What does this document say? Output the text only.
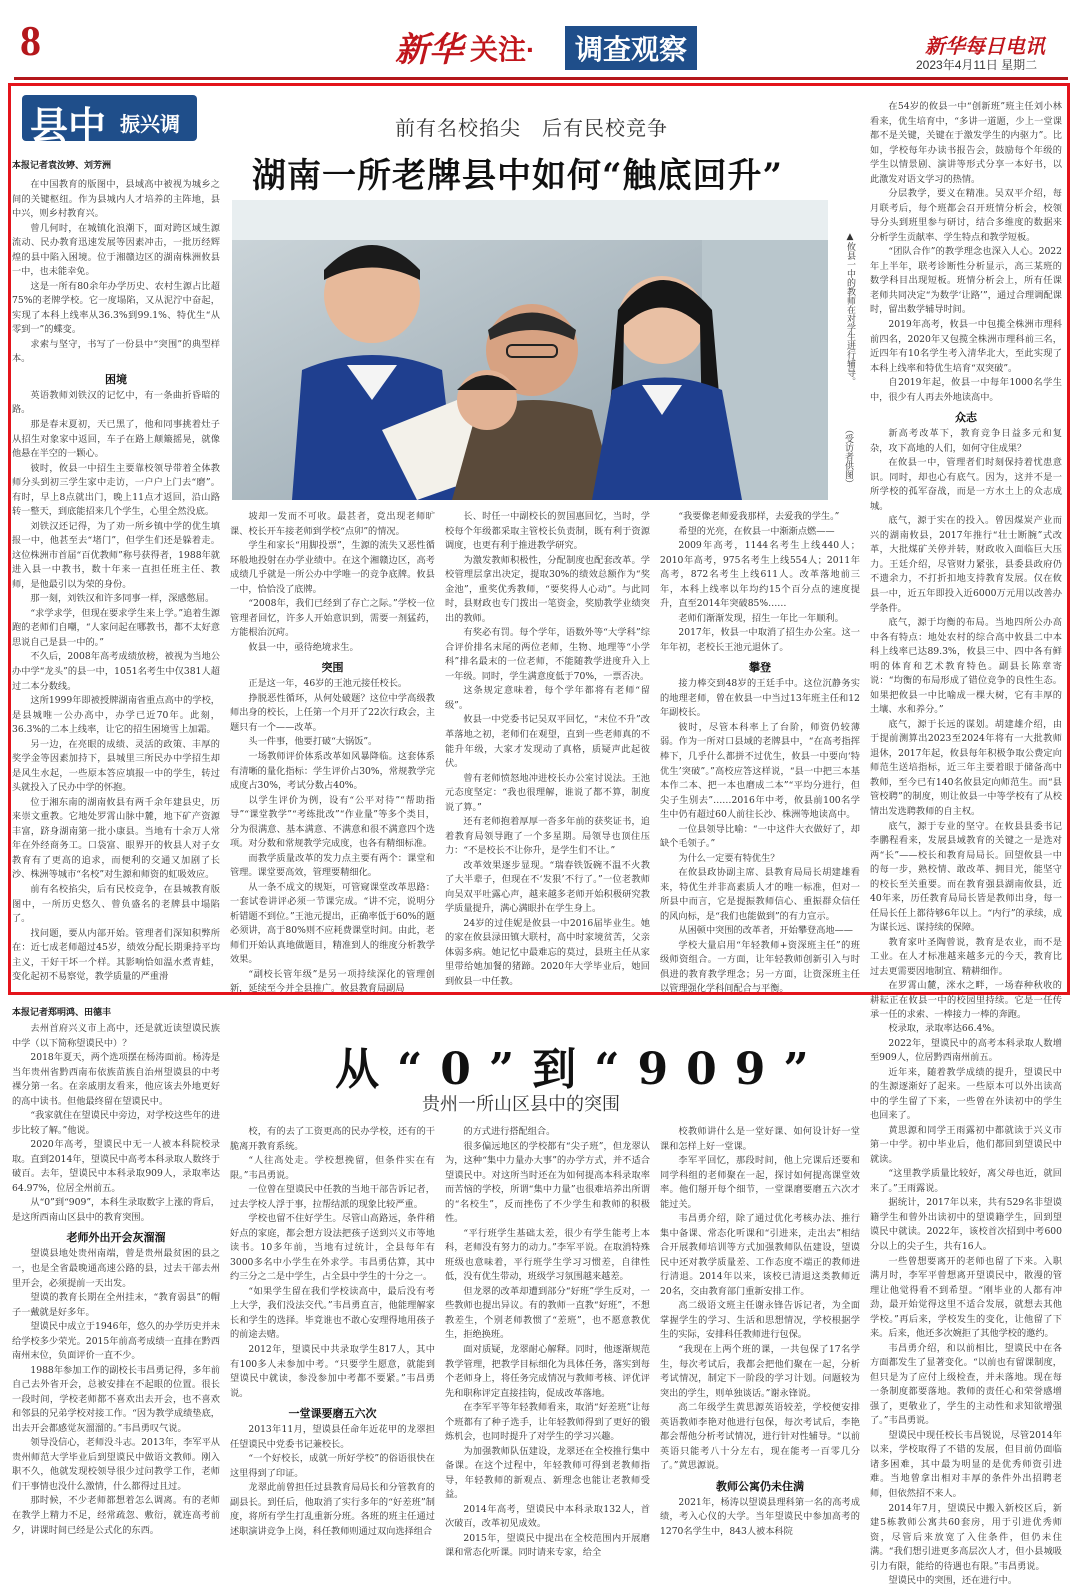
8	新华 关注·	调查观察	新华每日电讯
2023年4月11日 星期二
县中 振兴调查
前有名校掐尖　后有民校竞争
湖南一所老牌县中如何“触底回升”
▲攸县一中的教师在对学生进行辅导。
（受访者供图）
本报记者袁汝婷、刘芳洲

在中国教育的版图中，县域高中被视为城乡之间的关键枢纽。作为县城内人才培养的主阵地，县中兴，则乡村教育兴。

曾几何时，在城镇化浪潮下，面对跨区域生源流动、民办教育迅速发展等因素冲击，一批历经辉煌的县中陷入困境。位于湘赣边区的湖南株洲攸县一中，也未能幸免。

这是一所有80余年办学历史、农村生源占比超75%的老牌学校。它一度塌陷，又从泥泞中奋起，实现了本科上线率从36.3%到99.1%、特优生“从零到一”的蝶变。

求索与坚守，书写了一份县中“突围”的典型样本。

困境

英语教师刘铁汉的记忆中，有一条曲折昏暗的路。

那是春末夏初，天已黑了，他和同事挑着灶子从招生对象家中返回，车子在路上颠簸摇晃，就像他悬在半空的一颗心。

彼时，攸县一中招生主要靠校领导带着全体教师分头到初三学生家中走访，一户户上门去“磨”。有时，早上8点就出门，晚上11点才返回，沿山路转一整天，到底能招来几个学生，心里全然没底。

刘铁汉还记得，为了劝一所乡镇中学的优生填报一中，他甚至去“堵门”，但学生们还是躲着走。这位株洲市首届“百优教师”称号获得者，1988年就进入县一中教书，数十年来一直担任班主任、教师，是他最引以为荣的身份。

那一刻，刘铁汉和许多同事一样，深感憋屈。

“求学求学，但现在要求学生来上学。”追着生源跑的老师们自嘲，“人家问起在哪教书，都不太好意思说自己是县一中的。”

不久后，2008年高考成绩放榜，被视为当地公办中学“龙头”的县一中，1051名考生中仅381人超过二本分数线。

这所1999年即被授牌湖南省重点高中的学校，是县城唯一公办高中，办学已近70年。此刻，36.3%的二本上线率，让它的招生困境雪上加霜。

另一边，在亮眼的成绩、灵活的政策、丰厚的奖学金等因素加持下，县城里三所民办中学招生却是风生水起，一些原本答应填报一中的学生，转过头就投入了民办中学的怀抱。

位于湘东南的湖南攸县有两千余年建县史，历来崇文重教。它地处罗霄山脉中麓，地下矿产资源丰富，跻身湖南第一批小康县。当地有十余万人常年在外经商务工。口袋富、眼界开的攸县人对子女教育有了更高的追求，而便利的交通又加剧了长沙、株洲等城市“名校”对生源和师资的虹吸效应。

前有名校掐尖，后有民校竞争，在县城教育版图中，一所历史悠久、曾负盛名的老牌县中塌陷了。

找问题，要从内部开始。管理者们深知积弊所在：近七成老师超过45岁，绩效分配长期秉持平均主义，干好干坏一个样。其影响恰如温水煮青蛙，变化起初不易察觉，教学质量的严重滑

坡却一发而不可收。最甚者，竟出现老师旷课、校长开车接老师到学校“点卯”的情况。

学生和家长“用脚投票”，生源的流失又恶性循环般地投射在办学业绩中。在这个湘赣边区，高考成绩几乎就是一所公办中学唯一的竞争底牌。攸县一中，恰恰没了底牌。

“2008年，我们已经到了存亡之际。”学校一位管理者回忆，许多人开始意识到，需要一剂猛药，方能根治沉疴。

攸县一中，亟待绝境求生。

突围

正是这一年，46岁的王池元接任校长。

挣脱恶性循环，从何处破题？这位中学高级教师出身的校长，上任第一个月开了22次行政会，主题只有一个——改革。

头一件事，他要打破“大锅饭”。

一场教师评价体系改革如风暴降临。这套体系有清晰的量化指标：学生评价占30%，常规教学完成度占30%，考试分数占40%。

以学生评价为例，设有“公平对待”“帮助指导”“课堂教学”“考练批改”“作业量”等多个类目，分为很满意、基本满意、不满意和很不满意四个选项。对分数和常规教学完成度，也各有精细标准。

而教学质量改革的发力点主要有两个：课堂和管理。课堂要高效，管理要精细化。

从一条不成文的规矩，可管窥课堂改革思路：一套试卷讲评必须一节课完成。“讲不完，说明分析错题不到位。”王池元提出，正确率低于60%的题必须讲，高于80%则不应耗费课堂时间。由此，老师们开始认真地做题目，精准到人的维度分析教学效果。

“副校长管年级”是另一项持续深化的管理创新，延续至今并全县推广。攸县教育局副局

长、时任一中副校长的贺国惠回忆，当时，学校每个年级都采取主管校长负责制，既有利于资源调度，也更有利于推进教学研究。

为激发教师积极性，分配制度也配套改革。学校管理层拿出决定，提取30%的绩效总额作为“奖金池”，重奖优秀教师，“要奖得人心动”。与此同时，县财政也专门拨出一笔资金，奖励教学业绩突出的教师。

有奖必有罚。每个学年，语数外等“大学科”综合评价排名末尾的两位老师，生物、地理等“小学科”排名最末的一位老师，不能随教学进度升入上一年级。同时，学生满意度低于70%，一票否决。

这条规定意味着，每个学年都将有老师“留级”。

攸县一中党委书记吴双平回忆，“末位不升”改革落地之初，老师们在观望，直到一些老师真的不能升年级，大家才发现动了真格，质疑声此起彼伏。

曾有老师愤怒地冲进校长办公室讨说法。王池元态度坚定：“我也很理解，谁说了都不算，制度说了算。”

还有老师抱着厚厚一沓多年前的获奖证书，追着教育局领导跑了一个多星期。局领导也顶住压力：“不是校长不让你升，是学生们不让。”

改革效果逐步显现。“瑞春铁饭碗不温不火教了大半辈子，但现在不‘发狠’不行了。”一位老教师向吴双平吐露心声，越来越多老师开始积极研究教学质量提升，满心满眼扑在学生身上。

24岁的过佳妮是攸县一中2016届毕业生。她的家在攸县渌田镇大联村，高中时家境贫苦，父亲体弱多病。她记忆中最难忘的莫过，县班主任从家里带给她加餐的猪蹄。2020年大学毕业后，她回到攸县一中任教。

“我要像老师爱我那样，去爱我的学生。”

希望的光亮，在攸县一中渐渐点燃——

2009年高考，1144名考生上线440人；2010年高考，975名考生上线554人；2011年高考，872名考生上线611人。改革落地前三年，本科上线率以年均约15个百分点的速度提升，直至2014年突破85%……

老师们渐渐发现，招生一年比一年顺利。

2017年，攸县一中取消了招生办公室。这一年年初，老校长王池元退休了。

攀登

接力棒交到48岁的王廷手中。这位沉静务实的地理老师，曾在攸县一中当过13年班主任和12年副校长。

彼时，尽管本科率上了台阶，师资仍较薄弱。作为一所对口县域的老牌县中，“在高考指挥棒下，几乎什么都拼不过优生，攸县一中要向‘特优生’突破”。”高校应答这样说，“县一中把三本基本作二本、把一本也磨成二本”“平均分进行，但尖子生别去”……2016年中考，攸县前100名学生中仍有超过60人前往长沙、株洲等地读高中。

一位县领导比喻：“一中这件大衣做好了，却缺个毛领子。”

为什么一定要有特优生？

在攸县政协副主席、县教育局局长胡建雄看来，特优生并非高素质人才的唯一标准，但对一所县中而言，它是提振教师信心、重振群众信任的风向标，是“我们也能做到”的有力宣示。

从困顿中突围的改革者，开始攀登高地——

学校大量启用“年轻教师+资深班主任”的班级师资组合。一方面，让年轻教师创新引入与时俱进的教育教学理念；另一方面，让资深班主任以管理强化学科间配合与平衡。

在54岁的攸县一中“创新班”班主任刘小林看来，优生培育中，“多讲一道题，少上一堂课都不是关键，关键在于激发学生的内驱力”。比如，学校每年办读书报告会，鼓励每个年级的学生以情景剧、演讲等形式分享一本好书，以此激发对语文学习的热情。

分层教学，要义在精准。吴双平介绍，每月联考后，每个班都会召开班情分析会，校领导分头到班里参与研讨，结合多维度的数据来分析学生贡献率、学生特点和教学短板。

“团队合作”的教学理念也深入人心。2022年上半年，联考诊断性分析显示，高三某班的数学科目出现短板。班情分析会上，所有任课老师共同决定“为数学‘让路’”，通过合理调配课时，留出数学辅导时间。

2019年高考，攸县一中包揽全株洲市理科前四名，2020年又包揽全株洲市理科前三名，近四年有10名学生考入清华北大，至此实现了本科上线率和特优生培育“双突破”。

自2019年起，攸县一中每年1000名学生中，很少有人再去外地读高中。

众志

新高考改革下，教育竞争日益多元和复杂，攻下高地的人们，如何守住成果？

在攸县一中，管理者们时刻保持着忧患意识。同时，却也心有底气。因为，这并不是一所学校的孤军奋战，而是一方水土上的众志成城。

底气，源于实在的投入。曾因煤炭产业而兴的湖南攸县，2017年推行“壮士断腕”式改革，大批煤矿关停并转，财政收入面临巨大压力。王廷介绍，尽管财力紧张，县委县政府仍不遗余力，不打折扣地支持教育发展。仅在攸县一中，近五年即投入近6000万元用以改善办学条件。

底气，源于均衡的布局。当地四所公办高中各有特点：地处农村的综合高中攸县二中本科上线率已达89.3%，攸县三中、四中各有鲜明的体育和艺术教育特色。副县长陈章寄说：“均衡的布局形成了错位竞争的良性生态。如果把攸县一中比喻成一棵大树，它有丰厚的土壤、水和养分。”

底气，源于长远的谋划。胡建雄介绍，由于提前测算出2023至2024年将有一大批教师退休，2017年起，攸县每年积极争取公费定向师范生送培指标，近三年主要着眼于储备高中教师，至今已有140名攸县定向师范生。而“县管校聘”的制度，则让攸县一中等学校有了从校情出发选聘教师的自主权。

底气，源于专业的坚守。在攸县县委书记李鹏程看来，发展县域教育的关键之一是选对两“长”——校长和教育局局长。回望攸县一中的每一步，熟校情、敢改革、拥目光，能坚守的校长至关重要。而在教育强县湖南攸县，近40年来，历任教育局局长皆是教师出身，每一任局长任上都待够6年以上。“内行”的承续，成为谋长远、谋持续的保障。

教育家叶圣陶曾说，教育是农业，而不是工业。在人才标准越来越多元的今天，教育比过去更需要因地制宜、精耕细作。

在罗霄山麓，洣水之畔，一场春种秋收的耕耘正在攸县一中的校园里持续。它是一任传承一任的求索、一棒接力一棒的奔跑。

本报记者郑明鸿、田德丰
从“0”到“909”
贵州一所山区县中的突围

去州首府兴义市上高中，还是就近读望谟民族中学（以下简称望谟民中）？

2018年夏天，两个选项摆在杨涛面前。杨涛是当年贵州省黔西南布依族苗族自治州望谟县的中考裸分第一名。在亲戚朋友看来，他应该去外地更好的高中读书。但他最终留在望谟民中。

“我家就住在望谟民中旁边，对学校这些年的进步比较了解。”他说。

2020年高考，望谟民中无一人被本科院校录取。直到2014年，望谟民中高考本科录取人数终于破百。去年，望谟民中本科录取909人，录取率达64.97%，位居全州前五。

从“0”到“909”，本科生录取数字上涨的背后，是这所西南山区县中的教育突围。

老师外出开会灰溜溜

望谟县地处贵州南端，曾是贵州最贫困的县之一，也是全省最晚通高速公路的县，过去干部去州里开会，必须提前一天出发。

望谟的教育长期在全州挂末，“教育弱县”的帽子一戴就是好多年。

望谟民中成立于1946年，悠久的办学历史并未给学校多少荣光。2015年前高考成绩一直排在黔西南州末位，负面评价一直不少。

1988年参加工作的副校长韦昌勇记得，多年前自己去外省开会，总被安排在不起眼的位置。很长一段时间，学校老师都不喜欢出去开会，也不喜欢和邻县的兄弟学校对接工作。“因为教学成绩垫底，出去开会都感觉灰溜溜的。”韦昌勇叹气说。

领导没信心，老师没斗志。2013年，李军平从贵州师范大学毕业后到望谟民中做语文教师。刚入职不久，他就发现校领导很少过问教学工作，老师们干事情也没什么激情，什么都得过且过。

那时候，不少老师都想着怎么调离。有的老师在教学上精力不足，经常疏忽、敷衍，就连高考前夕，讲课时间已经是公式化的东西。

校，有的去了工资更高的民办学校，还有的干脆离开教育系统。

“人往高处走。学校想挽留，但条件实在有限。”韦昌勇说。

一位曾在望谟民中任教的当地干部告诉记者，过去学校人浮于事，拉帮结派的现象比较严重。

学校也留不住好学生。尽管山高路远，条件稍好点的家庭，都会想方设法把孩子送到兴义市等地读书。10多年前，当地有过统计，全县每年有3000多名中小学生在外求学。韦昌勇估算，其中约三分之二是中学生，占全县中学生的十分之一。

“如果学生留在我们学校读高中，最后没有考上大学，我们没法交代。”韦昌勇直言，他能理解家长和学生的选择。毕竟谁也不敢心安理得地用孩子的前途去赌。

2012年，望谟民中共录取学生817人，其中有100多人未参加中考。“只要学生愿意，就能到望谟民中就读，参没参加中考都不要紧。”韦昌勇说。

一堂课要磨五六次

2013年11月，望谟县任命年近花甲的龙翠担任望谟民中党委书记兼校长。

“一个好校长，成就一所好学校”的俗语很快在这里得到了印证。

龙翠此前曾担任过县教育局局长和分管教育的副县长。到任后，他取消了实行多年的“好差班”制度，将所有学生打乱重新分班。各班的班主任通过述职演讲竞争上岗，科任教师则通过双向选择组合

的方式进行搭配组合。

很多偏远地区的学校都有“尖子班”，但龙翠认为，这种“集中力量办大事”的办学方式，并不适合望谟民中。对这所当时还在为如何提高本科录取率而苦恼的学校，所谓“集中力量”也很难培养出所谓的“名校生”，反而挫伤了不少学生和教师的积极性。

“平行班学生基础太差，很少有学生能考上本科，老师没有努力的动力。”李军平说。在取消特殊班级也意味着，平行班学生学习习惯差，自律性低，没有优生带动，班级学习氛围越来越差。

但龙翠的改革却遭到部分“好班”学生反对，一些教师也提出异议。有的教师一直教“好班”，不想教差生，个别老师教惯了“差班”，也不愿意教优生，拒绝换班。

面对质疑，龙翠耐心解释。同时，他逐渐规范教学管理，把教学目标细化为具体任务，落实到每个老师身上，将任务完成情况与教师考核、评优评先和职称评定直接挂钩，促成改革落地。

在李军平等年轻教师看来，取消“好差班”让每个班都有了种子选手，让年轻教师得到了更好的锻炼机会，也同时提升了对学生的学习兴趣。

为加强教师队伍建设，龙翠还在全校推行集中备课。在这个过程中，年轻教师可得到老教师指导，年轻教师的新观点、新理念也能让老教师受益。

2014年高考，望谟民中本科录取132人，首次破百，改革初见成效。

2015年，望谟民中提出在全校范围内开展磨课和常态化听课。同时请来专家，给全

校教师讲什么是一堂好课、如何设计好一堂课和怎样上好一堂课。

李军平回忆，那段时间，他上完课后还要和同学科组的老师聚在一起，探讨如何提高课堂效率。他们掰开每个细节，一堂课磨要磨五六次才能过关。

韦昌勇介绍，除了通过优化考核办法、推行集中备课、常态化听课和“引进来，走出去”相结合开展教师培训等方式加强教师队伍建设，望谟民中还对教学质量差、工作态度不端正的教师进行清退。2014年以来，该校已清退这类教师近20名，交由教育部门重新安排工作。

高二级语文班主任谢永锋告诉记者，为全面掌握学生的学习、生活和思想情况，学校根据学生的实际，安排科任教师进行包保。

“我现在上两个班的课，一共包保了17名学生，每次考试后，我都会把他们聚在一起，分析考试情况，制定下一阶段的学习计划。问题较为突出的学生，则单独谈话。”谢永锋说。

高二年级学生黄思源英语较差，学校便安排英语教师李艳对他进行包保，每次考试后，李艳都会帮他分析考试情况，进行针对性辅导。“以前英语只能考八十分左右，现在能考一百零几分了。”黄思源说。

教师公寓仍未住满

2021年，杨涛以望谟县理科第一名的高考成绩，考入心仪的大学。当年望谟民中参加高考的1270名学生中，843人被本科院

校录取，录取率达66.4%。

2022年，望谟民中的高考本科录取人数增至909人，位居黔西南州前五。

近年来，随着教学成绩的提升，望谟民中的生源逐渐好了起来。一些原本可以外出读高中的学生留了下来，一些曾在外读初中的学生也回来了。

黄思源和同学王雨露初中都就读于兴义市第一中学。初中毕业后，他们都回到望谟民中就读。

“这里教学质量比较好，离父母也近，就回来了。”王雨露说。

据统计，2017年以来，共有529名非望谟籍学生和曾外出读初中的望谟籍学生，回到望谟民中就读。2022年，该校首次招到中考600分以上的尖子生，共有16人。

一些曾想要离开的老师也留了下来。入职满月时，李军平曾想离开望谟民中，散漫的管理让他觉得看不到希望。“刚毕业的人都有冲劲，最开始觉得这里不适合发展，就想去其他学校。”再后来，学校发生的变化，让他留了下来。后来，他还多次婉拒了其他学校的邀约。

韦昌勇介绍，和以前相比，望谟民中在各方面都发生了显著变化。“以前也有留课制度，但只是为了应付上级检查，并未落地。现在每一条制度都要落地。教师的责任心和荣誉感增强了，更敬业了，学生的主动性和求知欲增强了。”韦昌勇说。

望谟民中现任校长韦昌锐说，尽管2014年以来，学校取得了不错的发展，但目前仍面临诸多困难，其中最为明显的是优秀师资引进难。当地曾拿出相对丰厚的条件外出招聘老师，但依然招不来人。

2014年7月，望谟民中搬入新校区后，新建5栋教师公寓共60套房，用于引进优秀师资，尽管后来放宽了入住条件，但仍未住满。“我们想引进更多高层次人才，但小县城吸引力有限，能给的待遇也有限。”韦昌勇说。

望谟民中的突围，还在进行中。
